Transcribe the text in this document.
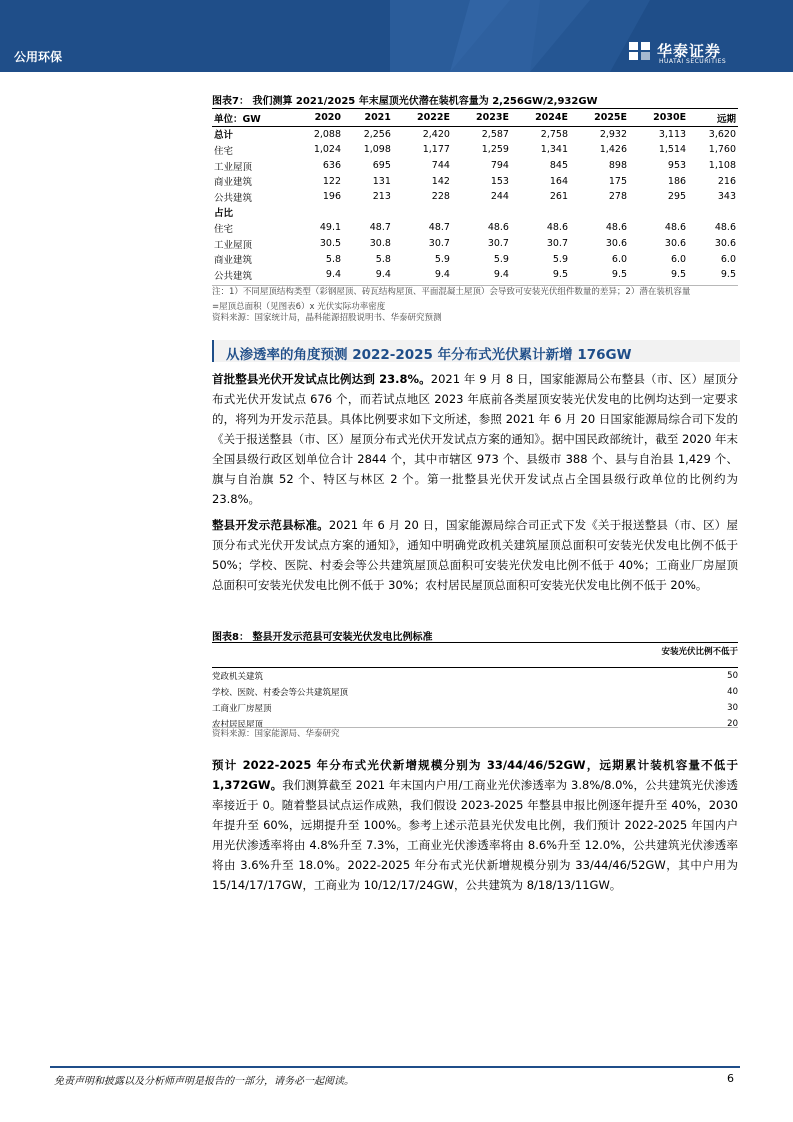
公用环保	华泰证券
HUATAI SECURITIES
图表7： 我们测算 2021/2025 年末屋顶光伏潜在装机容量为 2,256GW/2,932GW
单位：GW	2020	2021	2022E	2023E	2024E	2025E	2030E	远期
总计	2,088	2,256	2,420	2,587	2,758	2,932	3,113	3,620
住宅	1,024	1,098	1,177	1,259	1,341	1,426	1,514	1,760
工业屋顶	636	695	744	794	845	898	953	1,108
商业建筑	122	131	142	153	164	175	186	216
公共建筑	196	213	228	244	261	278	295	343
占比								
住宅	49.1	48.7	48.7	48.6	48.6	48.6	48.6	48.6
工业屋顶	30.5	30.8	30.7	30.7	30.7	30.6	30.6	30.6
商业建筑	5.8	5.8	5.9	5.9	5.9	6.0	6.0	6.0
公共建筑	9.4	9.4	9.4	9.4	9.5	9.5	9.5	9.5
注：1）不同屋顶结构类型（彩钢屋顶、砖瓦结构屋顶、平面混凝土屋顶）会导致可安装光伏组件数量的差异；2）潜在装机容量
=屋顶总面积（见图表6）x 光伏实际功率密度
资料来源：国家统计局，晶科能源招股说明书、华泰研究预测
从渗透率的角度预测 2022-2025 年分布式光伏累计新增 176GW
首批整县光伏开发试点比例达到 23.8%。2021 年 9 月 8 日，国家能源局公布整县（市、区）屋顶分布式光伏开发试点 676 个，而若试点地区 2023 年底前各类屋顶安装光伏发电的比例均达到一定要求的，将列为开发示范县。具体比例要求如下文所述，参照 2021 年 6 月 20 日国家能源局综合司下发的《关于报送整县（市、区）屋顶分布式光伏开发试点方案的通知》。据中国民政部统计，截至 2020 年末全国县级行政区划单位合计 2844 个，其中市辖区 973 个、县级市 388 个、县与自治县 1,429 个、旗与自治旗 52 个、特区与林区 2 个。第一批整县光伏开发试点占全国县级行政单位的比例约为 23.8%。
整县开发示范县标准。2021 年 6 月 20 日，国家能源局综合司正式下发《关于报送整县（市、区）屋顶分布式光伏开发试点方案的通知》，通知中明确党政机关建筑屋顶总面积可安装光伏发电比例不低于 50%；学校、医院、村委会等公共建筑屋顶总面积可安装光伏发电比例不低于 40%；工商业厂房屋顶总面积可安装光伏发电比例不低于 30%；农村居民屋顶总面积可安装光伏发电比例不低于 20%。
图表8： 整县开发示范县可安装光伏发电比例标准
	安装光伏比例不低于

党政机关建筑	50
学校、医院、村委会等公共建筑屋顶	40
工商业厂房屋顶	30
农村居民屋顶	20
资料来源：国家能源局、华泰研究
预计 2022-2025 年分布式光伏新增规模分别为 33/44/46/52GW，远期累计装机容量不低于 1,372GW。我们测算截至 2021 年末国内户用/工商业光伏渗透率为 3.8%/8.0%，公共建筑光伏渗透率接近于 0。随着整县试点运作成熟，我们假设 2023-2025 年整县申报比例逐年提升至 40%，2030 年提升至 60%，远期提升至 100%。参考上述示范县光伏发电比例，我们预计 2022-2025 年国内户用光伏渗透率将由 4.8%升至 7.3%，工商业光伏渗透率将由 8.6%升至 12.0%，公共建筑光伏渗透率将由 3.6%升至 18.0%。2022-2025 年分布式光伏新增规模分别为 33/44/46/52GW，其中户用为 15/14/17/17GW，工商业为 10/12/17/24GW，公共建筑为 8/18/13/11GW。
免责声明和披露以及分析师声明是报告的一部分，请务必一起阅读。	6
